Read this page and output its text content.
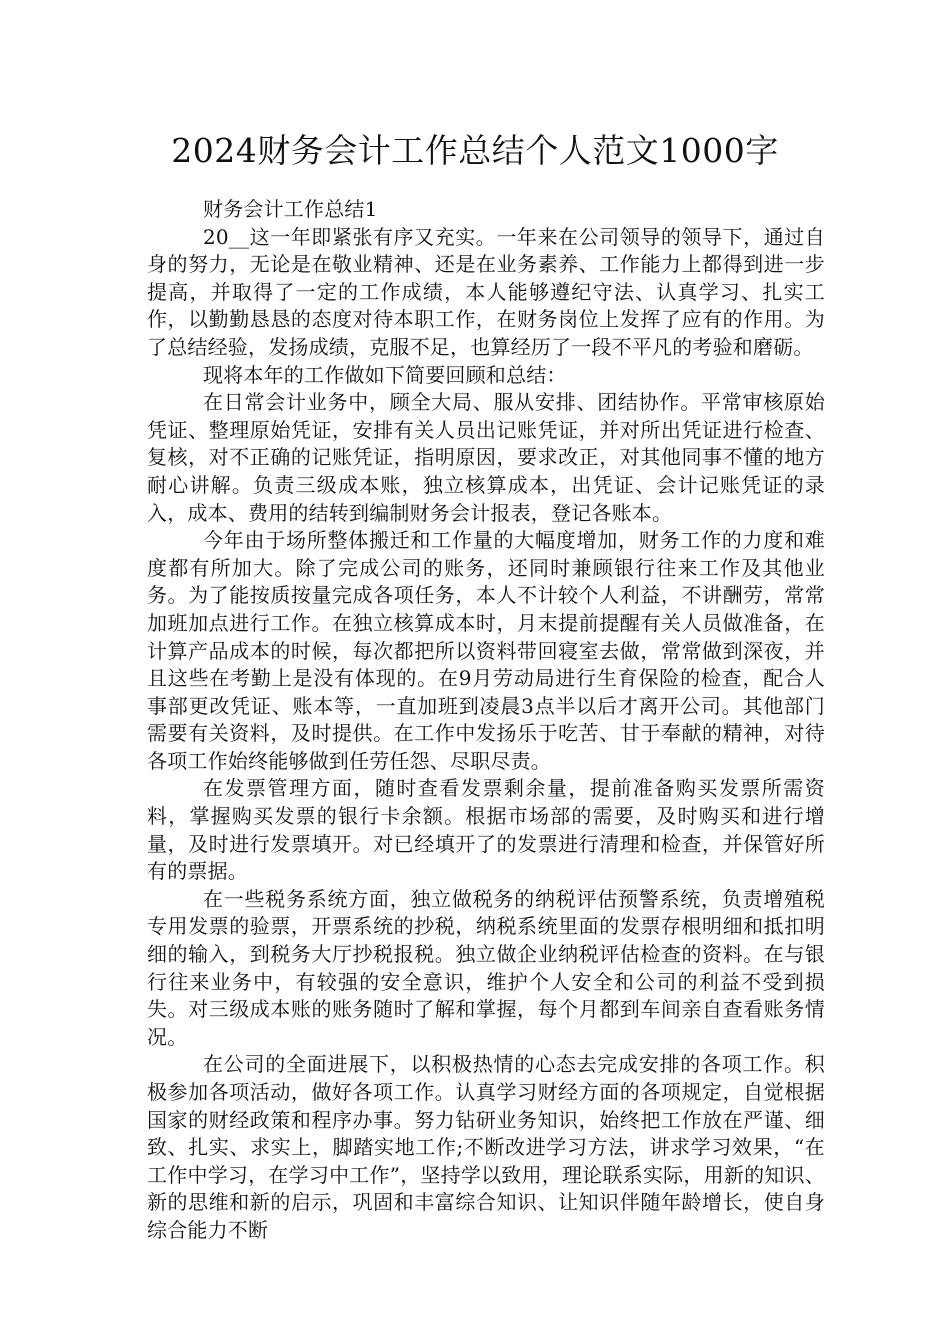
2024财务会计工作总结个人范文1000字

财务会计工作总结1

20__这一年即紧张有序又充实。一年来在公司领导的领导下，通过自身的努力，无论是在敬业精神、还是在业务素养、工作能力上都得到进一步提高，并取得了一定的工作成绩，本人能够遵纪守法、认真学习、扎实工作，以勤勤恳恳的态度对待本职工作，在财务岗位上发挥了应有的作用。为了总结经验，发扬成绩，克服不足，也算经历了一段不平凡的考验和磨砺。

现将本年的工作做如下简要回顾和总结：

在日常会计业务中，顾全大局、服从安排、团结协作。平常审核原始凭证、整理原始凭证，安排有关人员出记账凭证，并对所出凭证进行检查、复核，对不正确的记账凭证，指明原因，要求改正，对其他同事不懂的地方耐心讲解。负责三级成本账，独立核算成本，出凭证、会计记账凭证的录入，成本、费用的结转到编制财务会计报表，登记各账本。

今年由于场所整体搬迁和工作量的大幅度增加，财务工作的力度和难度都有所加大。除了完成公司的账务，还同时兼顾银行往来工作及其他业务。为了能按质按量完成各项任务，本人不计较个人利益，不讲酬劳，常常加班加点进行工作。在独立核算成本时，月末提前提醒有关人员做准备，在计算产品成本的时候，每次都把所以资料带回寝室去做，常常做到深夜，并且这些在考勤上是没有体现的。在9月劳动局进行生育保险的检查，配合人事部更改凭证、账本等，一直加班到凌晨3点半以后才离开公司。其他部门需要有关资料，及时提供。在工作中发扬乐于吃苦、甘于奉献的精神，对待各项工作始终能够做到任劳任怨、尽职尽责。

在发票管理方面，随时查看发票剩余量，提前准备购买发票所需资料，掌握购买发票的银行卡余额。根据市场部的需要，及时购买和进行增量，及时进行发票填开。对已经填开了的发票进行清理和检查，并保管好所有的票据。

在一些税务系统方面，独立做税务的纳税评估预警系统，负责增殖税专用发票的验票，开票系统的抄税，纳税系统里面的发票存根明细和抵扣明细的输入，到税务大厅抄税报税。独立做企业纳税评估检查的资料。在与银行往来业务中，有较强的安全意识，维护个人安全和公司的利益不受到损失。对三级成本账的账务随时了解和掌握，每个月都到车间亲自查看账务情况。

在公司的全面进展下，以积极热情的心态去完成安排的各项工作。积极参加各项活动，做好各项工作。认真学习财经方面的各项规定，自觉根据国家的财经政策和程序办事。努力钻研业务知识，始终把工作放在严谨、细致、扎实、求实上，脚踏实地工作;不断改进学习方法，讲求学习效果，“在工作中学习，在学习中工作”，坚持学以致用，理论联系实际，用新的知识、新的思维和新的启示，巩固和丰富综合知识、让知识伴随年龄增长，使自身综合能力不断
